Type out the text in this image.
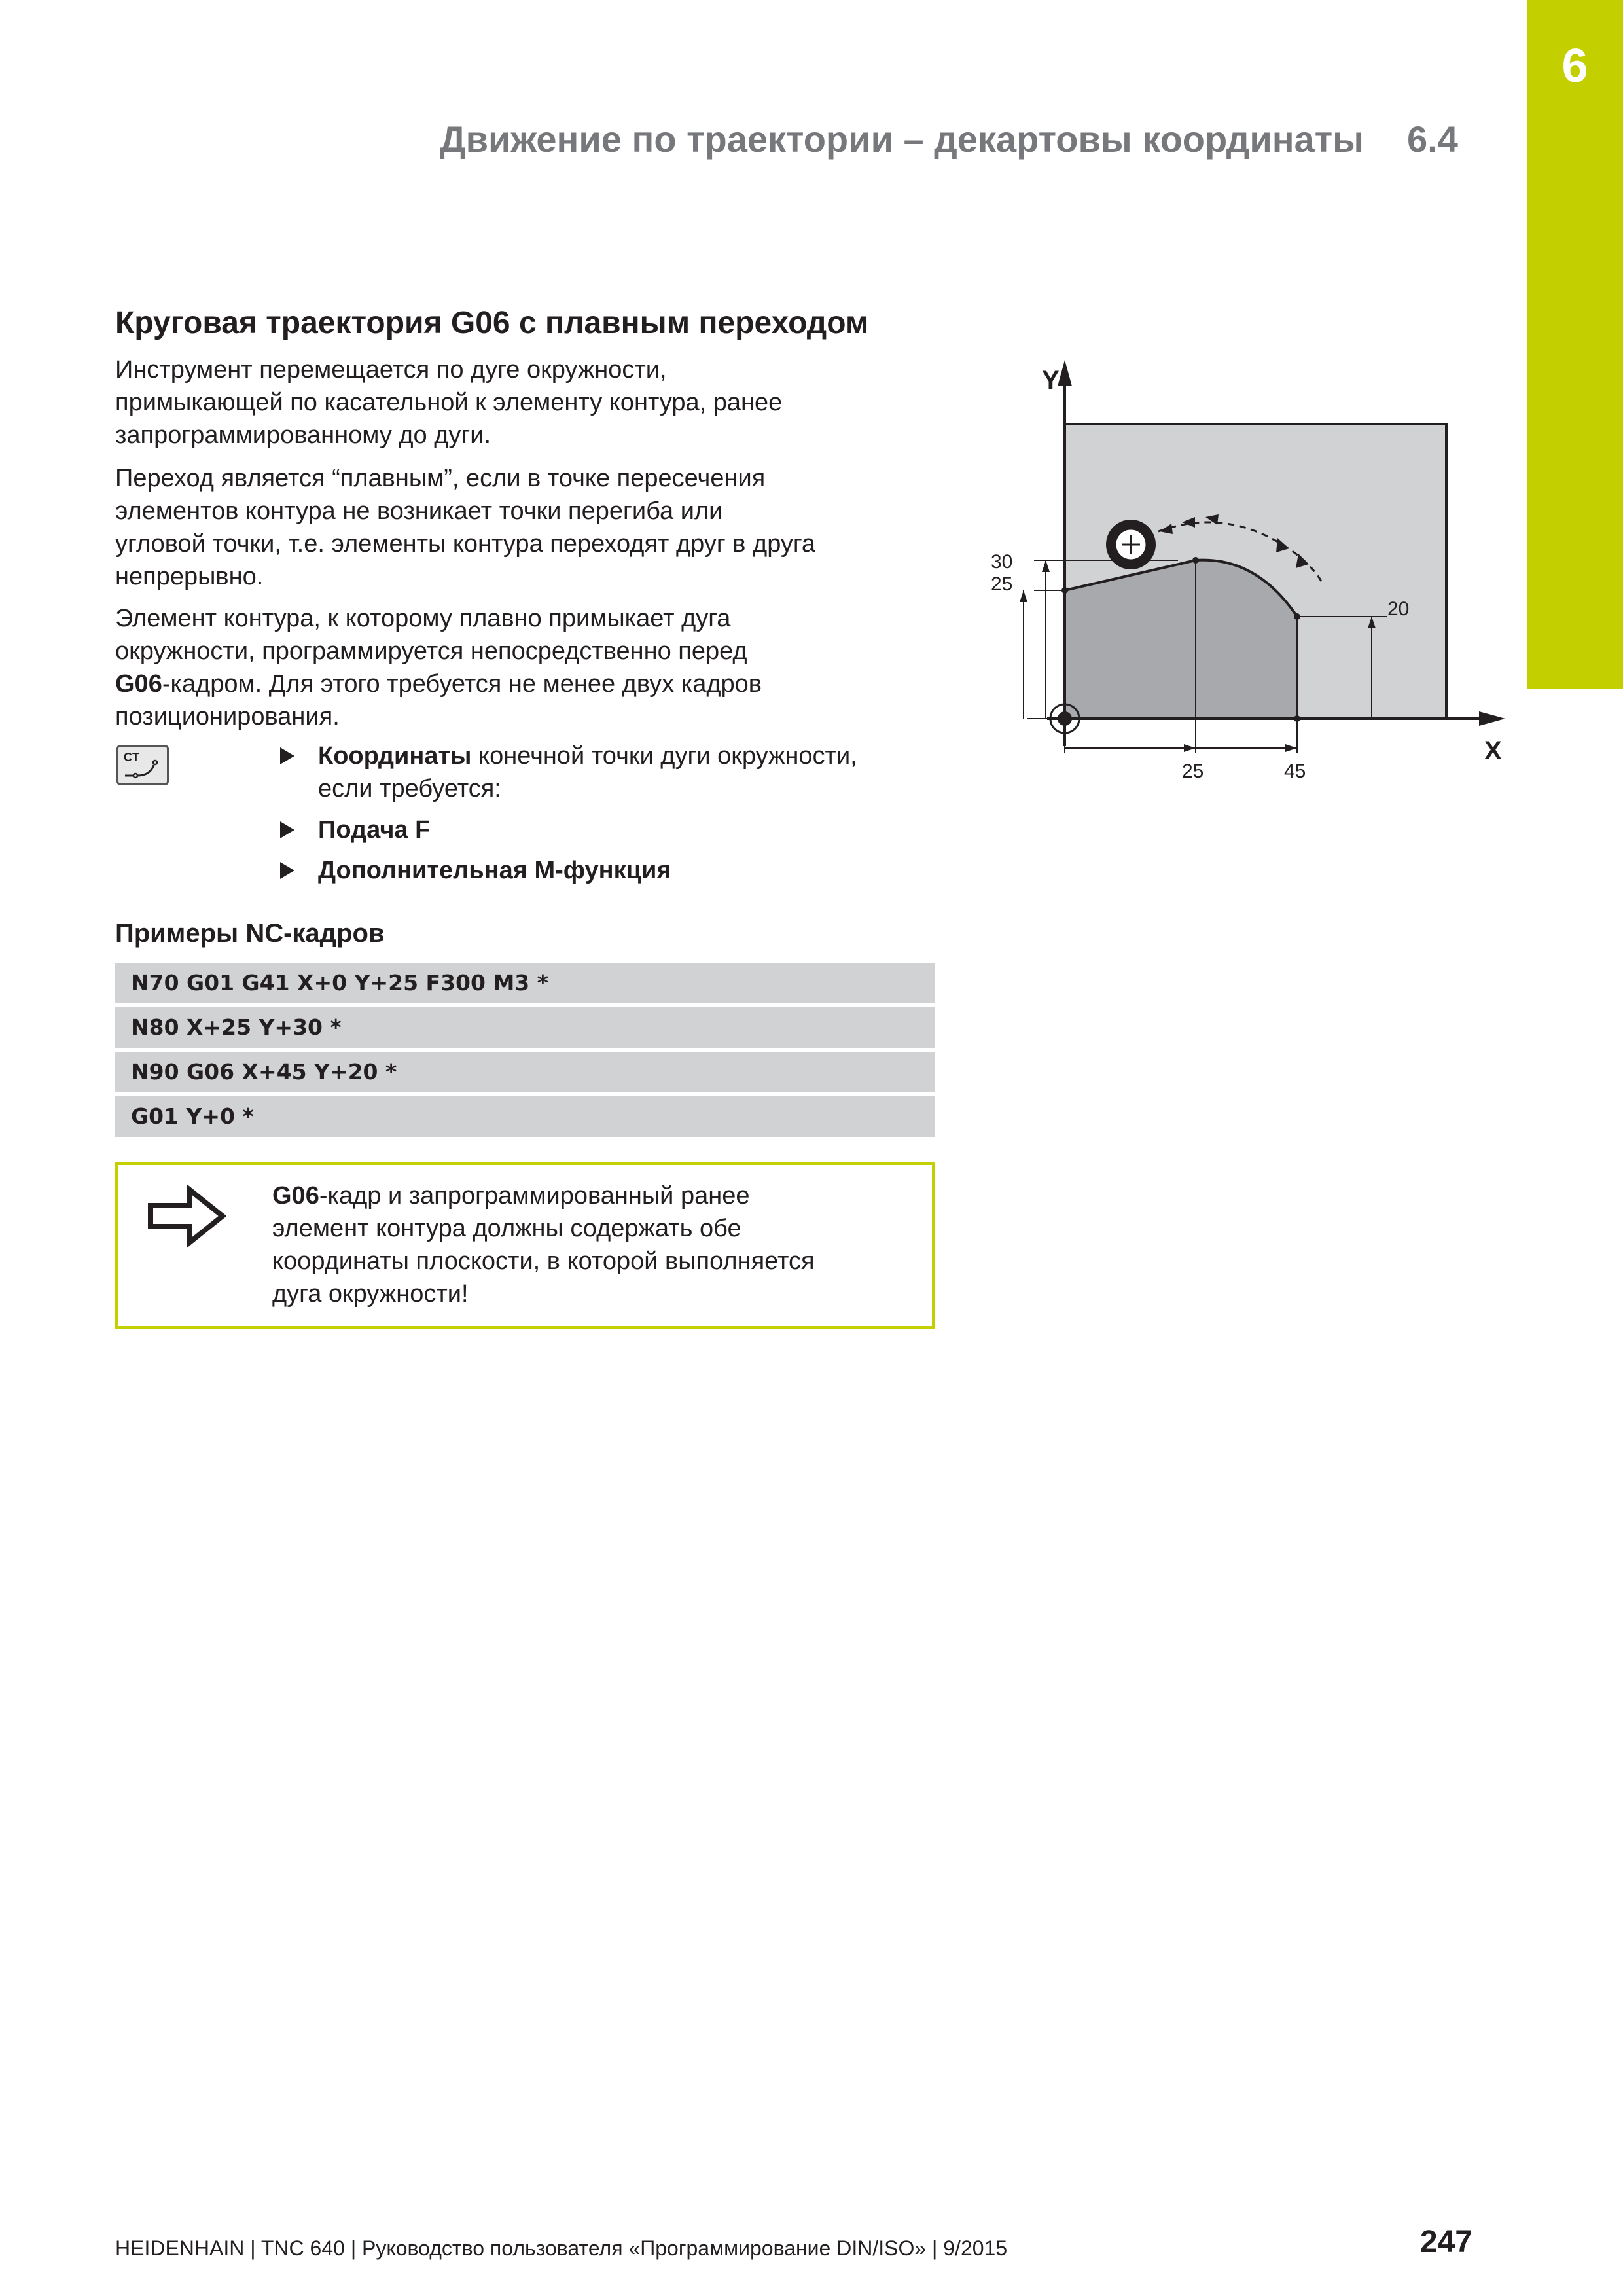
6
Движение по траектории – декартовы координаты 6.4
Круговая траектория G06 с плавным переходом
Инструмент перемещается по дуге окружности,
примыкающей по касательной к элементу контура, ранее
запрограммированному до дуги.
Переход является “плавным”, если в точке пересечения
элементов контура не возникает точки перегиба или
угловой точки, т.е. элементы контура переходят друг в друга
непрерывно.
Элемент контура, к которому плавно примыкает дуга
окружности, программируется непосредственно перед
G06-кадром. Для этого требуется не менее двух кадров
позиционирования.
CT	Координаты конечной точки дуги окружности,
если требуется:
Подача F
Дополнительная М-функция
Примеры NC-кадров
N70 G01 G41 X+0 Y+25 F300 M3 *
N80 X+25 Y+30 *
N90 G06 X+45 Y+20 *
G01 Y+0 *
G06-кадр и запрограммированный ранее
элемент контура должны содержать обе
координаты плоскости, в которой выполняется
дуга окружности!
Y
X
30
25
20
25	45
HEIDENHAIN | TNC 640 | Руководство пользователя «Программирование DIN/ISO» | 9/2015	247
